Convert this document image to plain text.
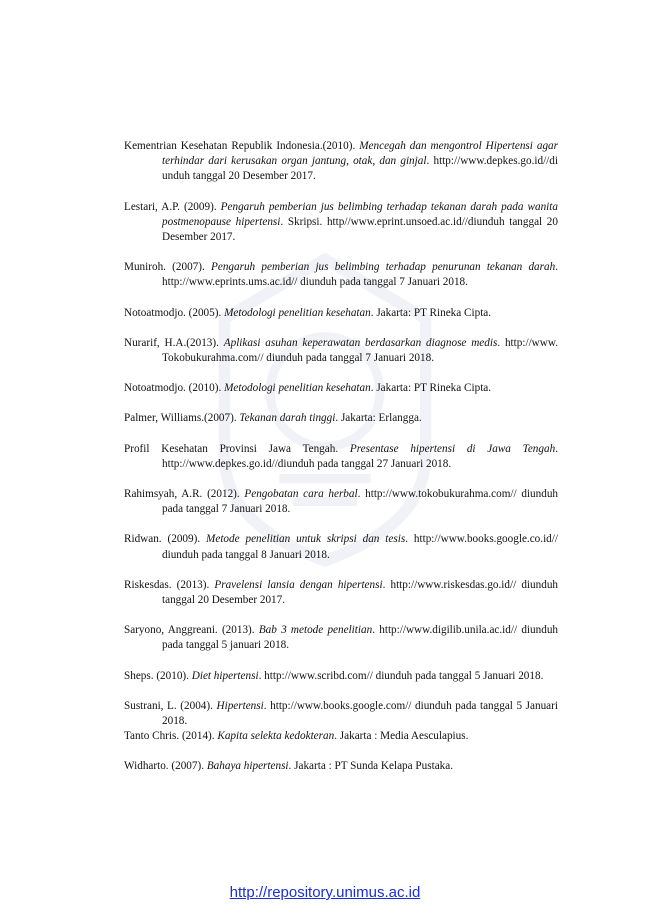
Kementrian Kesehatan Republik Indonesia.(2010). Mencegah dan mengontrol Hipertensi agar terhindar dari kerusakan organ jantung, otak, dan ginjal. http://www.depkes.go.id//di unduh tanggal 20 Desember 2017.

Lestari, A.P. (2009). Pengaruh pemberian jus belimbing terhadap tekanan darah pada wanita postmenopause hipertensi. Skripsi. http//www.eprint.unsoed.ac.id//diunduh tanggal 20 Desember 2017.

Muniroh. (2007). Pengaruh pemberian jus belimbing terhadap penurunan tekanan darah. http://www.eprints.ums.ac.id// diunduh pada tanggal 7 Januari 2018.

Notoatmodjo. (2005). Metodologi penelitian kesehatan. Jakarta: PT Rineka Cipta.

Nurarif, H.A.(2013). Aplikasi asuhan keperawatan berdasarkan diagnose medis. http://www. Tokobukurahma.com// diunduh pada tanggal 7 Januari 2018.

Notoatmodjo. (2010). Metodologi penelitian kesehatan. Jakarta: PT Rineka Cipta.

Palmer, Williams.(2007). Tekanan darah tinggi. Jakarta: Erlangga.

Profil Kesehatan Provinsi Jawa Tengah. Presentase hipertensi di Jawa Tengah. http://www.depkes.go.id//diunduh pada tanggal 27 Januari 2018.

Rahimsyah, A.R. (2012). Pengobatan cara herbal. http://www.tokobukurahma.com// diunduh pada tanggal 7 Januari 2018.

Ridwan. (2009). Metode penelitian untuk skripsi dan tesis. http://www.books.google.co.id// diunduh pada tanggal 8 Januari 2018.

Riskesdas. (2013). Pravelensi lansia dengan hipertensi. http://www.riskesdas.go.id// diunduh tanggal 20 Desember 2017.

Saryono, Anggreani. (2013). Bab 3 metode penelitian. http://www.digilib.unila.ac.id// diunduh pada tanggal 5 januari 2018.

Sheps. (2010). Diet hipertensi. http://www.scribd.com// diunduh pada tanggal 5 Januari 2018.

Sustrani, L. (2004). Hipertensi. http://www.books.google.com// diunduh pada tanggal 5 Januari 2018.

Tanto Chris. (2014). Kapita selekta kedokteran. Jakarta : Media Aesculapius.

Widharto. (2007). Bahaya hipertensi. Jakarta : PT Sunda Kelapa Pustaka.

http://repository.unimus.ac.id
